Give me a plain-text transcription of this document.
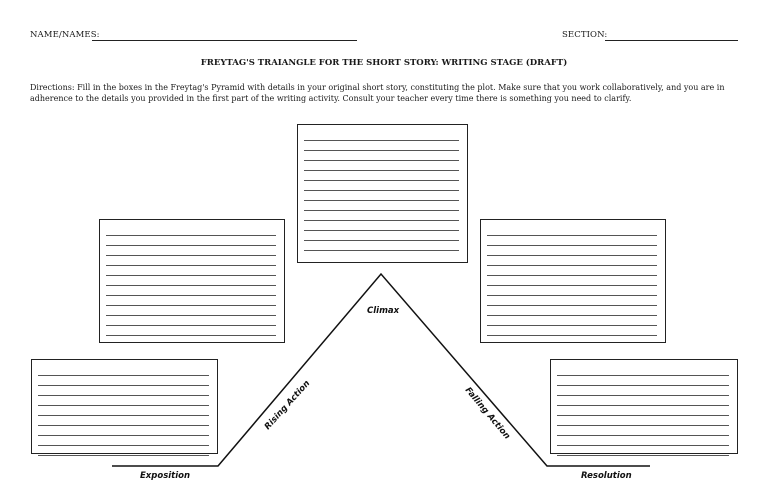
NAME/NAMES:	SECTION:
FREYTAG'S TRAIANGLE FOR THE SHORT STORY: WRITING STAGE (DRAFT)
Directions: Fill in the boxes in the Freytag's Pyramid with details in your original short story, constituting the plot. Make sure that you work collaboratively, and you are in adherence to the details you provided in the first part of the writing activity. Consult your teacher every time there is something you need to clarify.
Exposition
Rising Action
Climax
Falling Action
Resolution
